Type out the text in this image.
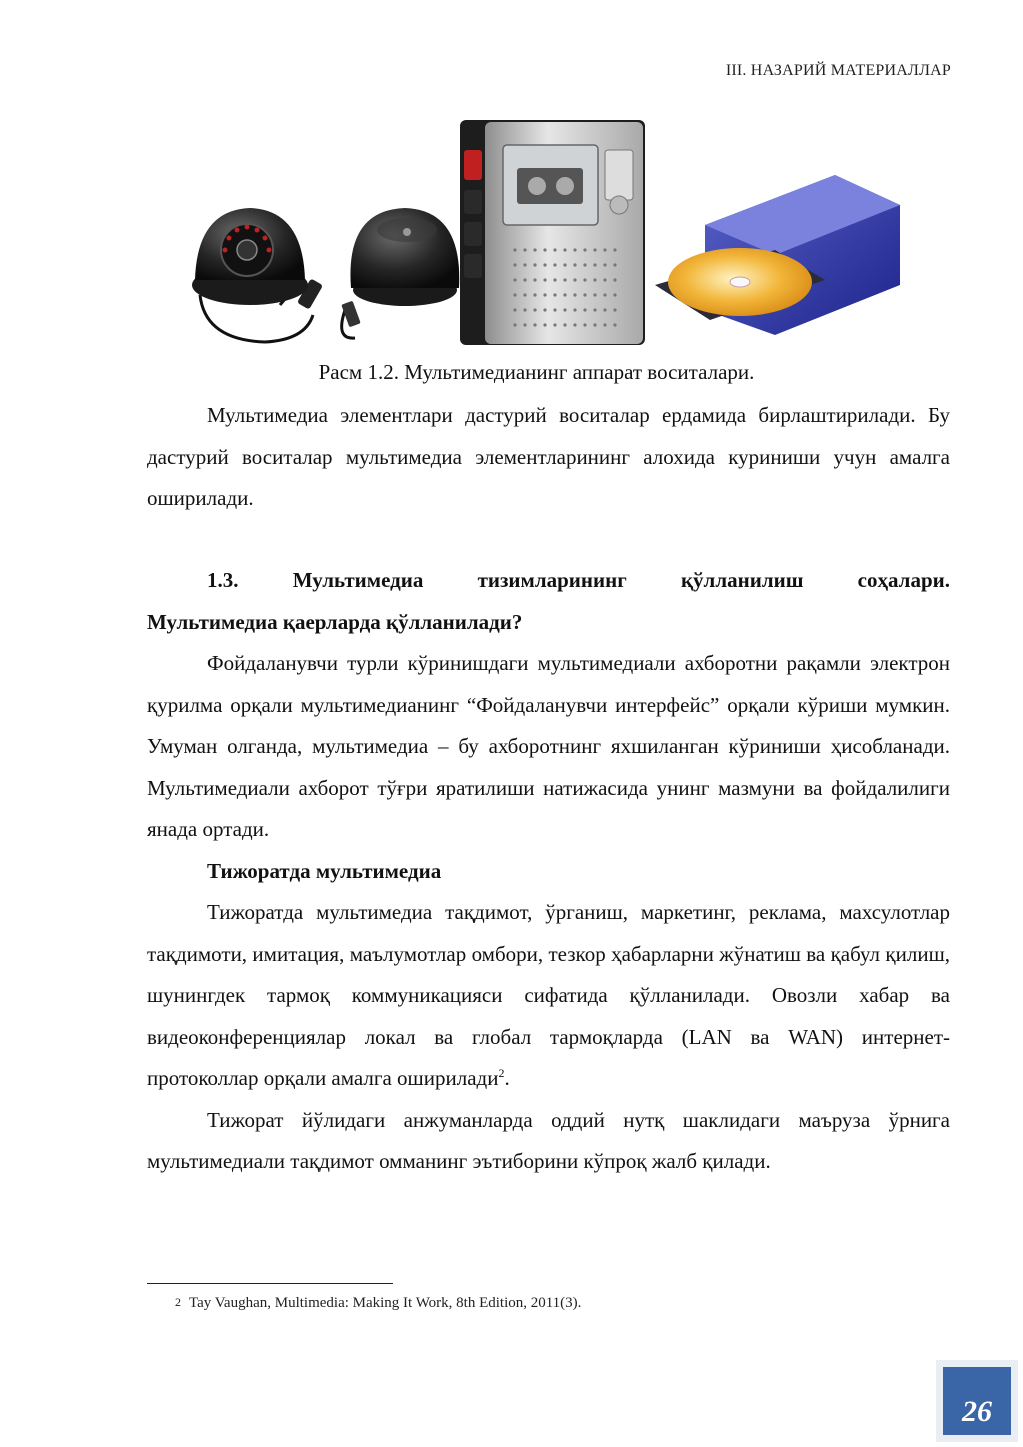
III. НАЗАРИЙ МАТЕРИАЛЛАР
Расм 1.2. Мультимедианинг аппарат воситалари.

Мультимедиа элементлари дастурий воситалар ердамида бирлаштирилади. Бу дастурий воситалар мультимедиа элементларининг алохида куриниши учун амалга оширилади.

1.3. Мультимедиа тизимларининг қўлланилиш соҳалари.

Мультимедиа қаерларда қўлланилади?

Фойдаланувчи турли кўринишдаги мультимедиали ахборотни рақамли электрон қурилма орқали мультимедианинг “Фойдаланувчи интерфейс” орқали кўриши мумкин. Умуман олганда, мультимедиа – бу ахборотнинг яхшиланган кўриниши ҳисобланади. Мультимедиали ахборот тўғри яратилиши натижасида унинг мазмуни ва фойдалилиги янада ортади.

Тижоратда мультимедиа

Тижоратда мультимедиа тақдимот, ўрганиш, маркетинг, реклама, махсулотлар тақдимоти, имитация, маълумотлар омбори, тезкор ҳабарларни жўнатиш ва қабул қилиш, шунингдек тармоқ коммуникацияси сифатида қўлланилади. Овозли хабар ва видеоконференциялар локал ва глобал тармоқларда (LAN ва WAN) интернет-протоколлар орқали амалга оширилади$^2$.

Тижорат йўлидаги анжуманларда оддий нутқ шаклидаги маъруза ўрнига мультимедиали тақдимот омманинг эътиборини кўпроқ жалб қилади.

$^2$ Tay Vaughan, Multimedia: Making It Work, 8th Edition, 2011(3).
26
